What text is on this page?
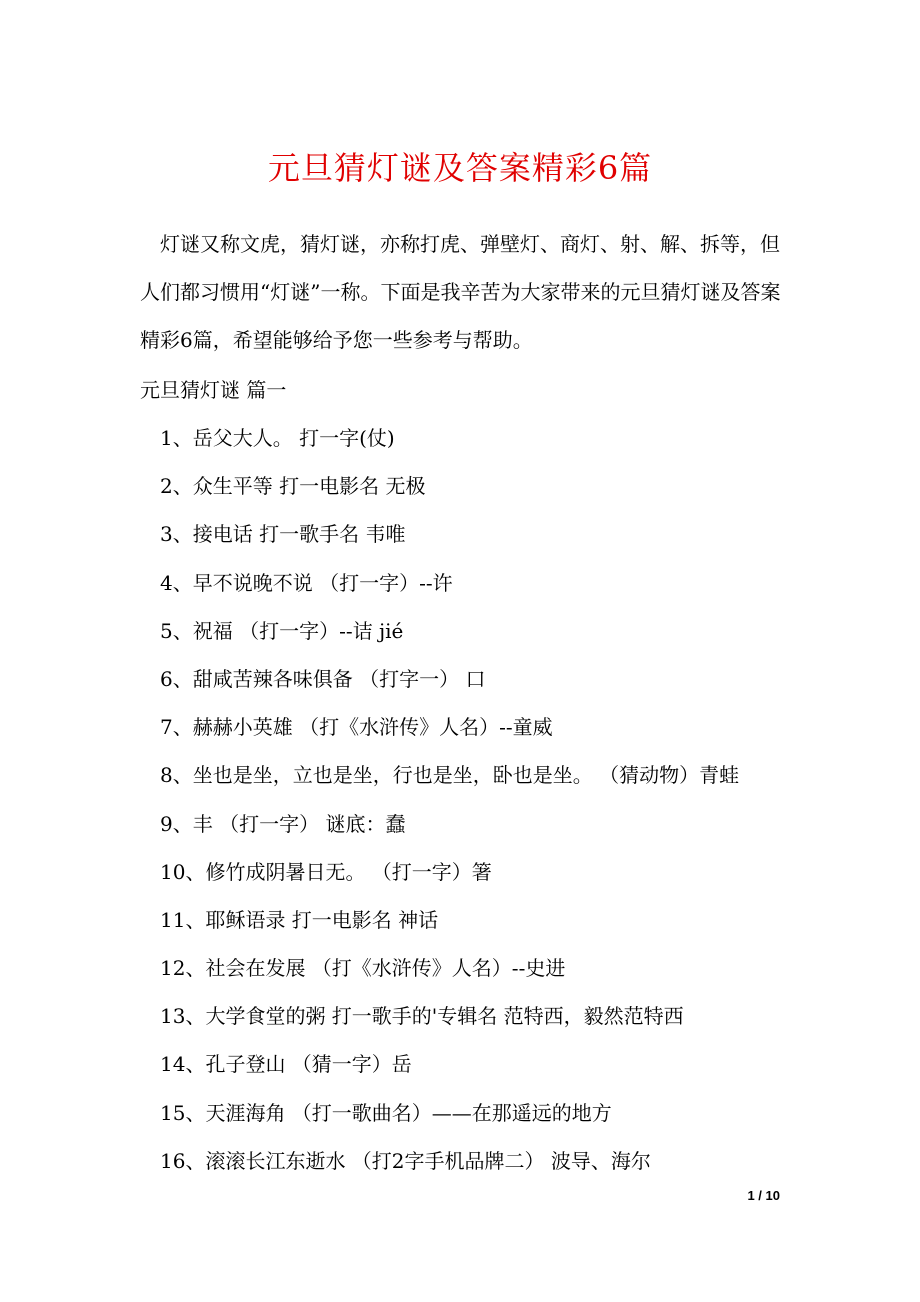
元旦猜灯谜及答案精彩6篇

灯谜又称文虎，猜灯谜，亦称打虎、弹壁灯、商灯、射、解、拆等，但人们都习惯用“灯谜”一称。下面是我辛苦为大家带来的元旦猜灯谜及答案精彩6篇，希望能够给予您一些参考与帮助。

元旦猜灯谜 篇一

1、岳父大人。 打一字(仗)
2、众生平等 打一电影名 无极
3、接电话 打一歌手名 韦唯
4、早不说晚不说 （打一字）--许
5、祝福 （打一字）--诘 jié
6、甜咸苦辣各味俱备 （打字一） 口
7、赫赫小英雄 （打《水浒传》人名）--童威
8、坐也是坐，立也是坐，行也是坐，卧也是坐。 （猜动物）青蛙
9、丰 （打一字） 谜底：蠢
10、修竹成阴暑日无。 （打一字）箸
11、耶稣语录 打一电影名 神话
12、社会在发展 （打《水浒传》人名）--史进
13、大学食堂的粥 打一歌手的'专辑名 范特西，毅然范特西
14、孔子登山 （猜一字）岳
15、天涯海角 （打一歌曲名）——在那遥远的地方
16、滚滚长江东逝水 （打2字手机品牌二） 波导、海尔
1 / 10
